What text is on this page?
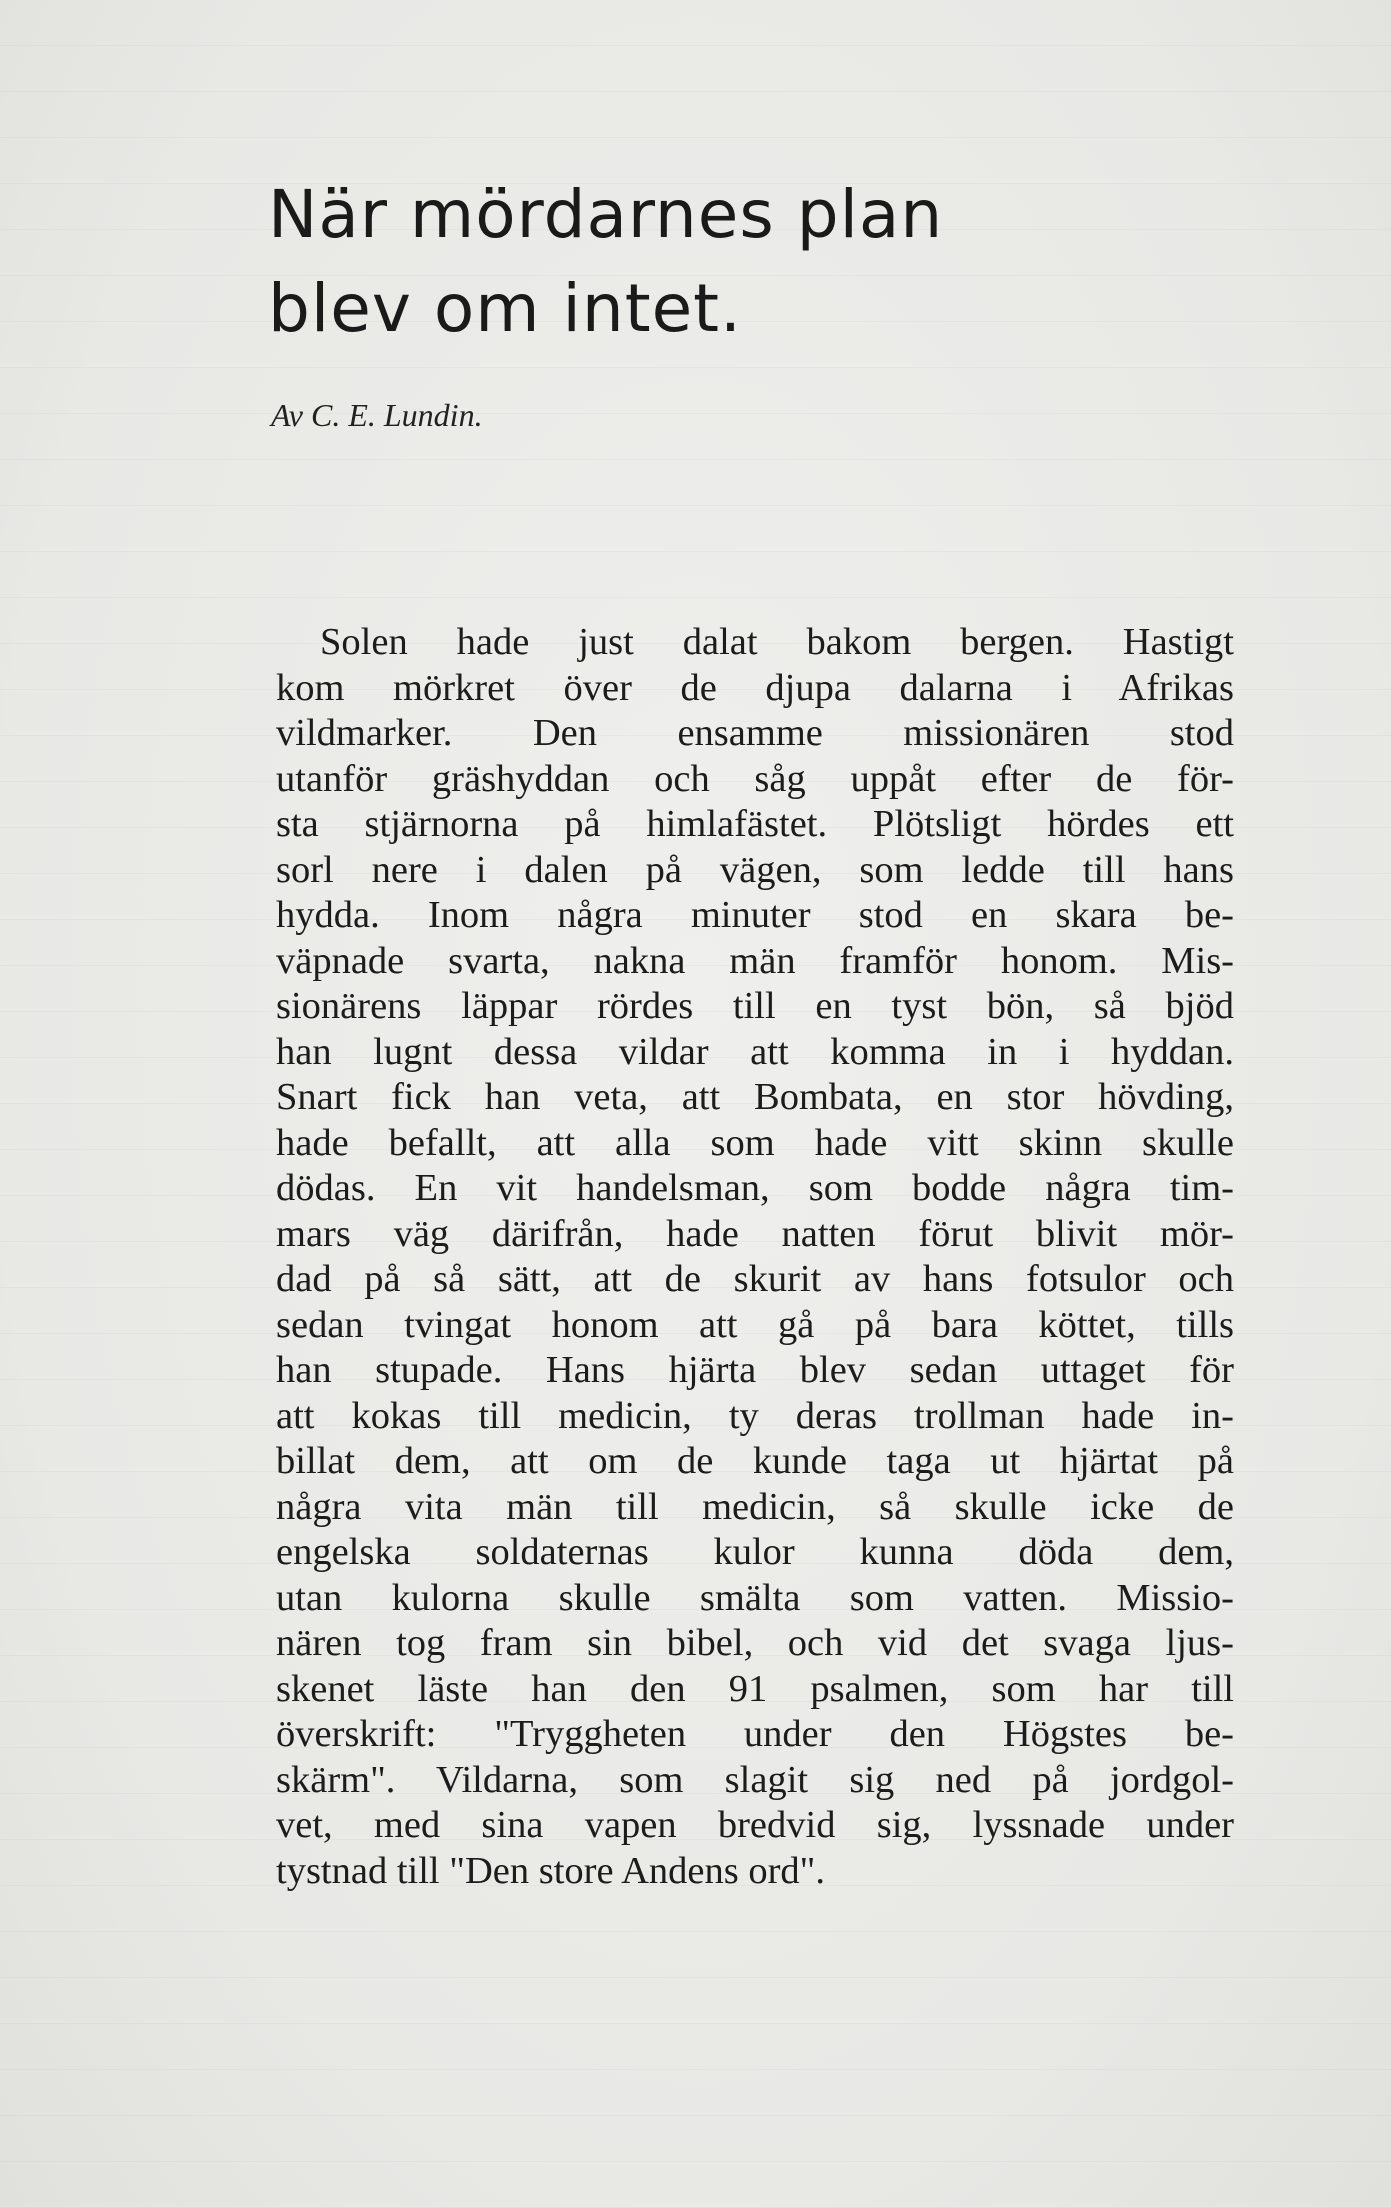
När mördarnes plan
blev om intet.

Av C. E. Lundin.

Solen hade just dalat bakom bergen. Hastigt
kom mörkret över de djupa dalarna i Afrikas
vildmarker. Den ensamme missionären stod
utanför gräshyddan och såg uppåt efter de för-
sta stjärnorna på himlafästet. Plötsligt hördes ett
sorl nere i dalen på vägen, som ledde till hans
hydda. Inom några minuter stod en skara be-
väpnade svarta, nakna män framför honom. Mis-
sionärens läppar rördes till en tyst bön, så bjöd
han lugnt dessa vildar att komma in i hyddan.
Snart fick han veta, att Bombata, en stor hövding,
hade befallt, att alla som hade vitt skinn skulle
dödas. En vit handelsman, som bodde några tim-
mars väg därifrån, hade natten förut blivit mör-
dad på så sätt, att de skurit av hans fotsulor och
sedan tvingat honom att gå på bara köttet, tills
han stupade. Hans hjärta blev sedan uttaget för
att kokas till medicin, ty deras trollman hade in-
billat dem, att om de kunde taga ut hjärtat på
några vita män till medicin, så skulle icke de
engelska soldaternas kulor kunna döda dem,
utan kulorna skulle smälta som vatten. Missio-
nären tog fram sin bibel, och vid det svaga ljus-
skenet läste han den 91 psalmen, som har till
överskrift: "Tryggheten under den Högstes be-
skärm". Vildarna, som slagit sig ned på jordgol-
vet, med sina vapen bredvid sig, lyssnade under
tystnad till "Den store Andens ord".
